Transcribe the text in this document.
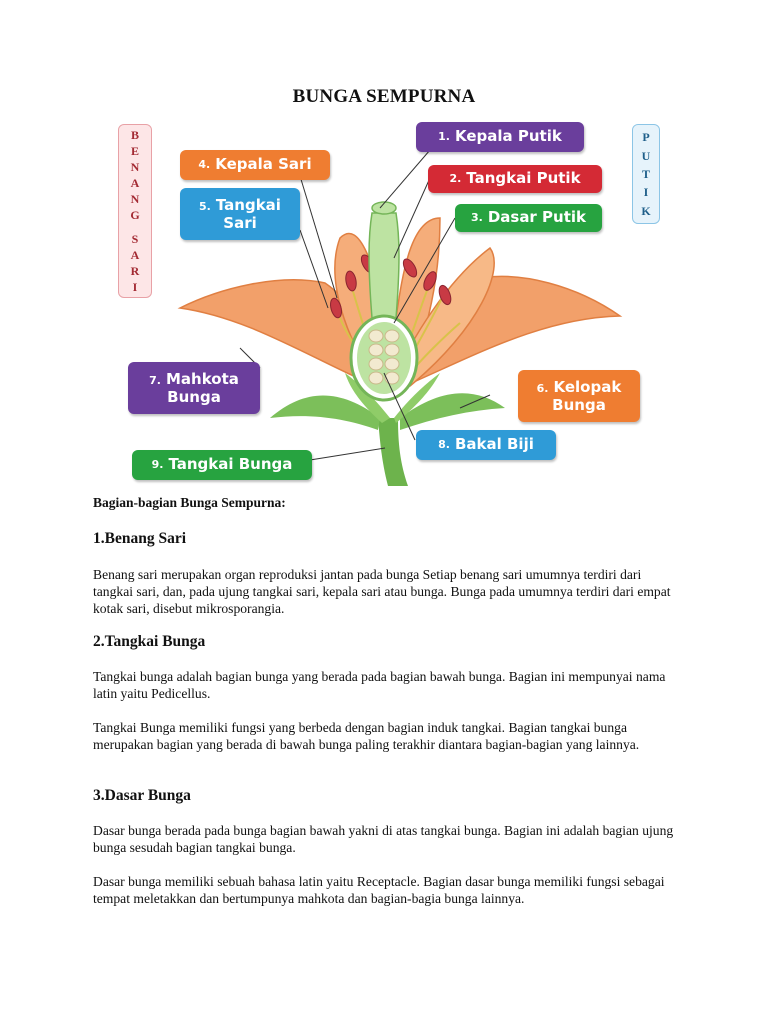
BUNGA SEMPURNA
B
E
N
A
N
G
S
A
R
I
P
U
T
I
K
1. Kepala Putik
2. Tangkai Putik
3. Dasar Putik
4. Kepala Sari
5. Tangkai
Sari
7. Mahkota
Bunga	6. Kelopak
Bunga
8. Bakal Biji
9. Tangkai Bunga
Bagian-bagian Bunga Sempurna:
1.Benang Sari

Benang sari merupakan organ reproduksi jantan pada bunga Setiap benang sari umumnya terdiri dari tangkai sari, dan, pada ujung tangkai sari, kepala sari atau bunga. Bunga pada umumnya terdiri dari empat kotak sari, disebut mikrosporangia.

2.Tangkai Bunga

Tangkai bunga adalah bagian bunga yang berada pada bagian bawah bunga. Bagian ini mempunyai nama latin yaitu Pedicellus.

Tangkai Bunga memiliki fungsi yang berbeda dengan bagian induk tangkai. Bagian tangkai bunga merupakan bagian yang berada di bawah bunga paling terakhir diantara bagian-bagian yang lainnya.

3.Dasar Bunga

Dasar bunga berada pada bunga bagian bawah yakni di atas tangkai bunga. Bagian ini adalah bagian ujung bunga sesudah bagian tangkai bunga.

Dasar bunga memiliki sebuah bahasa latin yaitu Receptacle. Bagian dasar bunga memiliki fungsi sebagai tempat meletakkan dan bertumpunya mahkota dan bagian-bagia bunga lainnya.
